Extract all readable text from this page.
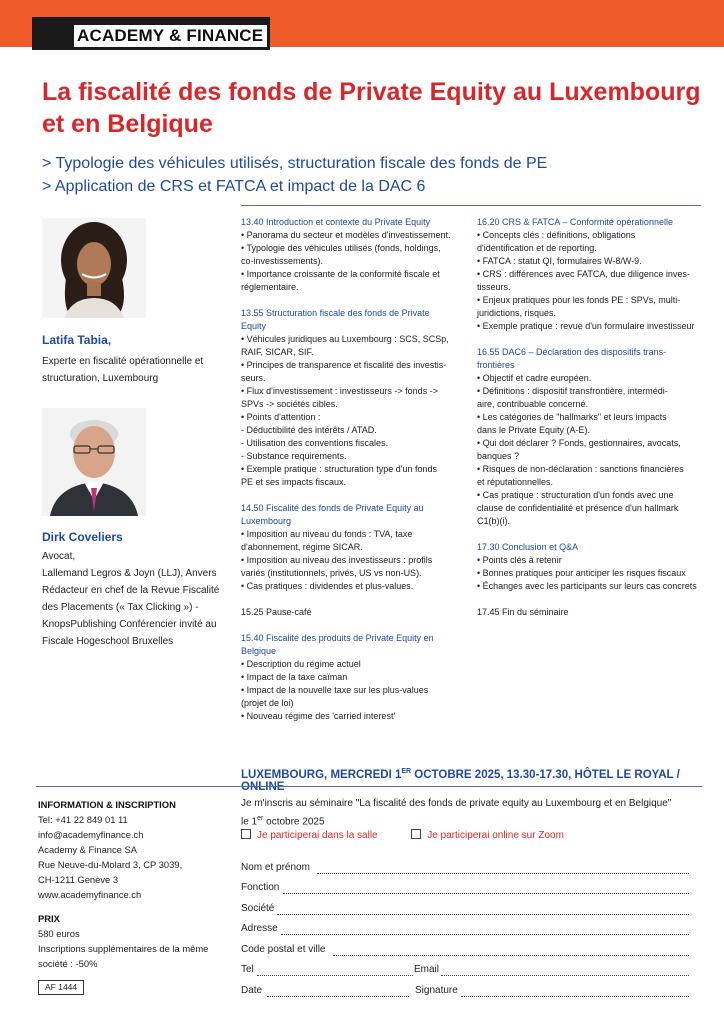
ACADEMY & FINANCE
La fiscalité des fonds de Private Equity au Luxembourg
et en Belgique
> Typologie des véhicules utilisés, structuration fiscale des fonds de PE
> Application de CRS et FATCA et impact de la DAC 6
Latifa Tabia,
Experte en fiscalité opérationnelle et
structuration, Luxembourg
Dirk Coveliers
Avocat,
Lallemand Legros & Joyn (LLJ), Anvers
Rédacteur en chef de la Revue Fiscalité
des Placements (« Tax Clicking ») -
KnopsPublishing Conférencier invité au
Fiscale Hogeschool Bruxelles
13.40 Introduction et contexte du Private Equity
• Panorama du secteur et modèles d'investissement.
• Typologie des véhicules utilisés (fonds, holdings,
co-investissements).
• Importance croissante de la conformité fiscale et
réglementaire.
13.55 Structuration fiscale des fonds de Private
Equity
• Véhicules juridiques au Luxembourg : SCS, SCSp,
RAIF, SICAR, SIF.
• Principes de transparence et fiscalité des investis-
seurs.
• Flux d'investissement : investisseurs -> fonds ->
SPVs -> sociétés cibles.
• Points d'attention :
- Déductibilité des intérêts / ATAD.
- Utilisation des conventions fiscales.
- Substance requirements.
• Exemple pratique : structuration type d'un fonds
PE et ses impacts fiscaux.
14.50 Fiscalité des fonds de Private Equity au
Luxembourg
• Imposition au niveau du fonds : TVA, taxe
d'abonnement, régime SICAR.
• Imposition au niveau des investisseurs : profils
variés (institutionnels, privés, US vs non-US).
• Cas pratiques : dividendes et plus-values.
15.25 Pause-café
15.40 Fiscalité des produits de Private Equity en
Belgique
• Description du régime actuel
• Impact de la taxe caïman
• Impact de la nouvelle taxe sur les plus-values
(projet de loi)
• Nouveau régime des 'carried interest'
16.20 CRS & FATCA – Conformité opérationnelle
• Concepts clés : définitions, obligations
d'identification et de reporting.
• FATCA : statut QI, formulaires W-8/W-9.
• CRS : différences avec FATCA, due diligence inves-
tisseurs.
• Enjeux pratiques pour les fonds PE : SPVs, multi-
juridictions, risques.
• Exemple pratique : revue d'un formulaire investisseur
16.55 DAC6 – Déclaration des dispositifs trans-
frontières
• Objectif et cadre européen.
• Définitions : dispositif transfrontière, intermédi-
aire, contribuable concerné.
• Les catégories de "hallmarks" et leurs impacts
dans le Private Equity (A-E).
• Qui doit déclarer ? Fonds, gestionnaires, avocats,
banques ?
• Risques de non-déclaration : sanctions financières
et réputationnelles.
• Cas pratique : structuration d'un fonds avec une
clause de confidentialité et présence d'un hallmark
C1(b)(i).
17.30 Conclusion et Q&A
• Points clés à retenir
• Bonnes pratiques pour anticiper les risques fiscaux
• Échanges avec les participants sur leurs cas concrets
17.45 Fin du séminaire
LUXEMBOURG, MERCREDI 1ER OCTOBRE 2025, 13.30-17.30, HÔTEL LE ROYAL /
INFORMATION & INSCRIPTION
Tel: +41 22 849 01 11
info@academyfinance.ch
Academy & Finance SA
Rue Neuve-du-Molard 3, CP 3039,
CH-1211 Genève 3
www.academyfinance.ch
PRIX
580 euros
Inscriptions supplémentaires de la même
société : -50%
AF 1444
Je m'inscris au séminaire "La fiscalité des fonds de private equity au Luxembourg et en Belgique"
le 1er octobre 2025
Je participerai dans la salle	Je participerai online sur Zoom
Nom et prénom
Fonction
Société
Adresse
Code postal et ville
Tel	Email
Date	Signature
